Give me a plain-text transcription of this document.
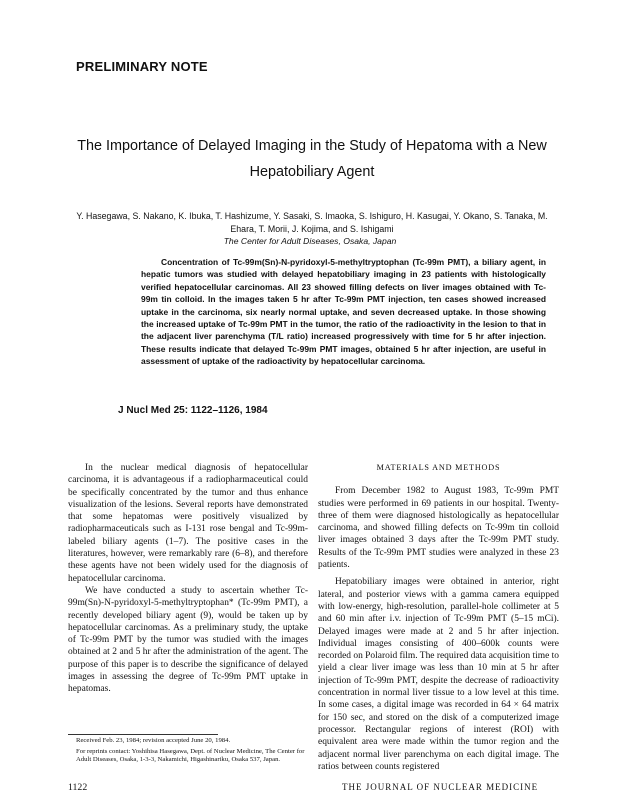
PRELIMINARY NOTE
The Importance of Delayed Imaging in the Study of Hepatoma with a New Hepatobiliary Agent
Y. Hasegawa, S. Nakano, K. Ibuka, T. Hashizume, Y. Sasaki, S. Imaoka, S. Ishiguro, H. Kasugai, Y. Okano, S. Tanaka, M. Ehara, T. Morii, J. Kojima, and S. Ishigami
The Center for Adult Diseases, Osaka, Japan
Concentration of Tc-99m(Sn)-N-pyridoxyl-5-methyltryptophan (Tc-99m PMT), a biliary agent, in hepatic tumors was studied with delayed hepatobiliary imaging in 23 patients with histologically verified hepatocellular carcinomas. All 23 showed filling defects on liver images obtained with Tc-99m tin colloid. In the images taken 5 hr after Tc-99m PMT injection, ten cases showed increased uptake in the carcinoma, six nearly normal uptake, and seven decreased uptake. In those showing the increased uptake of Tc-99m PMT in the tumor, the ratio of the radioactivity in the lesion to that in the adjacent liver parenchyma (T/L ratio) increased progressively with time for 5 hr after injection. These results indicate that delayed Tc-99m PMT images, obtained 5 hr after injection, are useful in assessment of uptake of the radioactivity by hepatocellular carcinoma.
J Nucl Med 25: 1122–1126, 1984

In the nuclear medical diagnosis of hepatocellular carcinoma, it is advantageous if a radiopharmaceutical could be specifically concentrated by the tumor and thus enhance visualization of the lesions. Several reports have demonstrated that some hepatomas were positively visualized by radiopharmaceuticals such as I-131 rose bengal and Tc-99m-labeled biliary agents (1–7). The positive cases in the literatures, however, were remarkably rare (6–8), and therefore these agents have not been widely used for the diagnosis of hepatocellular carcinoma.

We have conducted a study to ascertain whether Tc-99m(Sn)-N-pyridoxyl-5-methyltryptophan* (Tc-99m PMT), a recently developed biliary agent (9), would be taken up by hepatocellular carcinomas. As a preliminary study, the uptake of Tc-99m PMT by the tumor was studied with the images obtained at 2 and 5 hr after the administration of the agent. The purpose of this paper is to describe the significance of delayed images in assessing the degree of Tc-99m PMT uptake in hepatomas.

Received Feb. 23, 1984; revision accepted June 20, 1984.
For reprints contact: Yoshihisa Hasegawa, Dept. of Nuclear Medicine, The Center for Adult Diseases, Osaka, 1-3-3, Nakamichi, Higashinariku, Osaka 537, Japan.
MATERIALS AND METHODS

From December 1982 to August 1983, Tc-99m PMT studies were performed in 69 patients in our hospital. Twenty-three of them were diagnosed histologically as hepatocellular carcinoma, and showed filling defects on Tc-99m tin colloid liver images obtained 3 days after the Tc-99m PMT study. Results of the Tc-99m PMT studies were analyzed in these 23 patients.

Hepatobiliary images were obtained in anterior, right lateral, and posterior views with a gamma camera equipped with low-energy, high-resolution, parallel-hole collimeter at 5 and 60 min after i.v. injection of Tc-99m PMT (5–15 mCi). Delayed images were made at 2 and 5 hr after injection. Individual images consisting of 400–600k counts were recorded on Polaroid film. The required data acquisition time to yield a clear liver image was less than 10 min at 5 hr after injection of Tc-99m PMT, despite the decrease of radioactivity concentration in normal liver tissue to a low level at this time. In some cases, a digital image was recorded in 64 × 64 matrix for 150 sec, and stored on the disk of a computerized image processor. Rectangular regions of interest (ROI) with equivalent area were made within the tumor region and the adjacent normal liver parenchyma on each digital image. The ratios between counts registered

1122	THE JOURNAL OF NUCLEAR MEDICINE
